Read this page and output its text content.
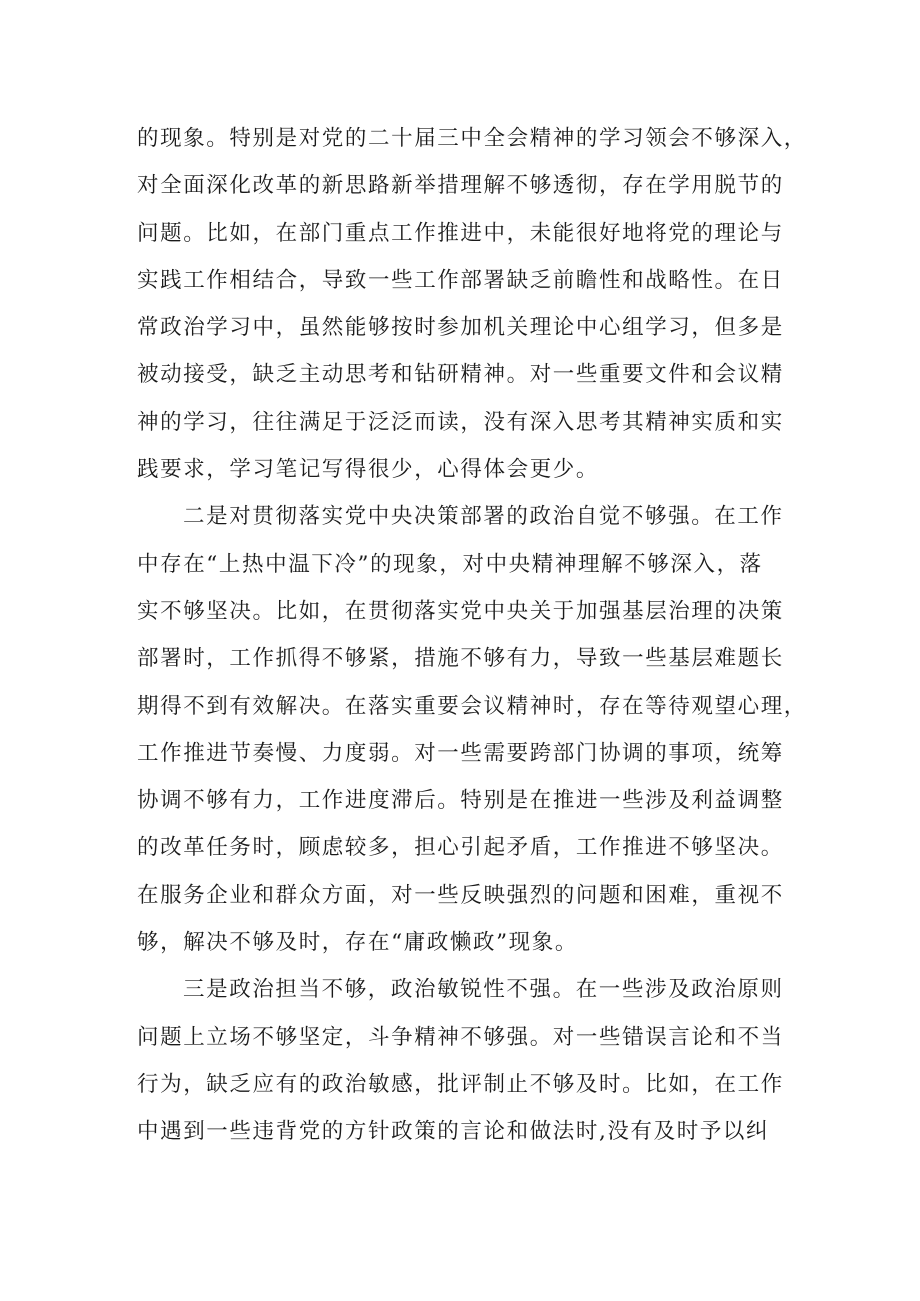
的现象。特别是对党的二十届三中全会精神的学习领会不够深入，
对全面深化改革的新思路新举措理解不够透彻，存在学用脱节的
问题。比如，在部门重点工作推进中，未能很好地将党的理论与
实践工作相结合，导致一些工作部署缺乏前瞻性和战略性。在日
常政治学习中，虽然能够按时参加机关理论中心组学习，但多是
被动接受，缺乏主动思考和钻研精神。对一些重要文件和会议精
神的学习，往往满足于泛泛而读，没有深入思考其精神实质和实
践要求，学习笔记写得很少，心得体会更少。
二是对贯彻落实党中央决策部署的政治自觉不够强。在工作
中存在“上热中温下冷”的现象，对中央精神理解不够深入，落
实不够坚决。比如，在贯彻落实党中央关于加强基层治理的决策
部署时，工作抓得不够紧，措施不够有力，导致一些基层难题长
期得不到有效解决。在落实重要会议精神时，存在等待观望心理，
工作推进节奏慢、力度弱。对一些需要跨部门协调的事项，统筹
协调不够有力，工作进度滞后。特别是在推进一些涉及利益调整
的改革任务时，顾虑较多，担心引起矛盾，工作推进不够坚决。
在服务企业和群众方面，对一些反映强烈的问题和困难，重视不
够，解决不够及时，存在“庸政懒政”现象。
三是政治担当不够，政治敏锐性不强。在一些涉及政治原则
问题上立场不够坚定，斗争精神不够强。对一些错误言论和不当
行为，缺乏应有的政治敏感，批评制止不够及时。比如，在工作
中遇到一些违背党的方针政策的言论和做法时,没有及时予以纠
